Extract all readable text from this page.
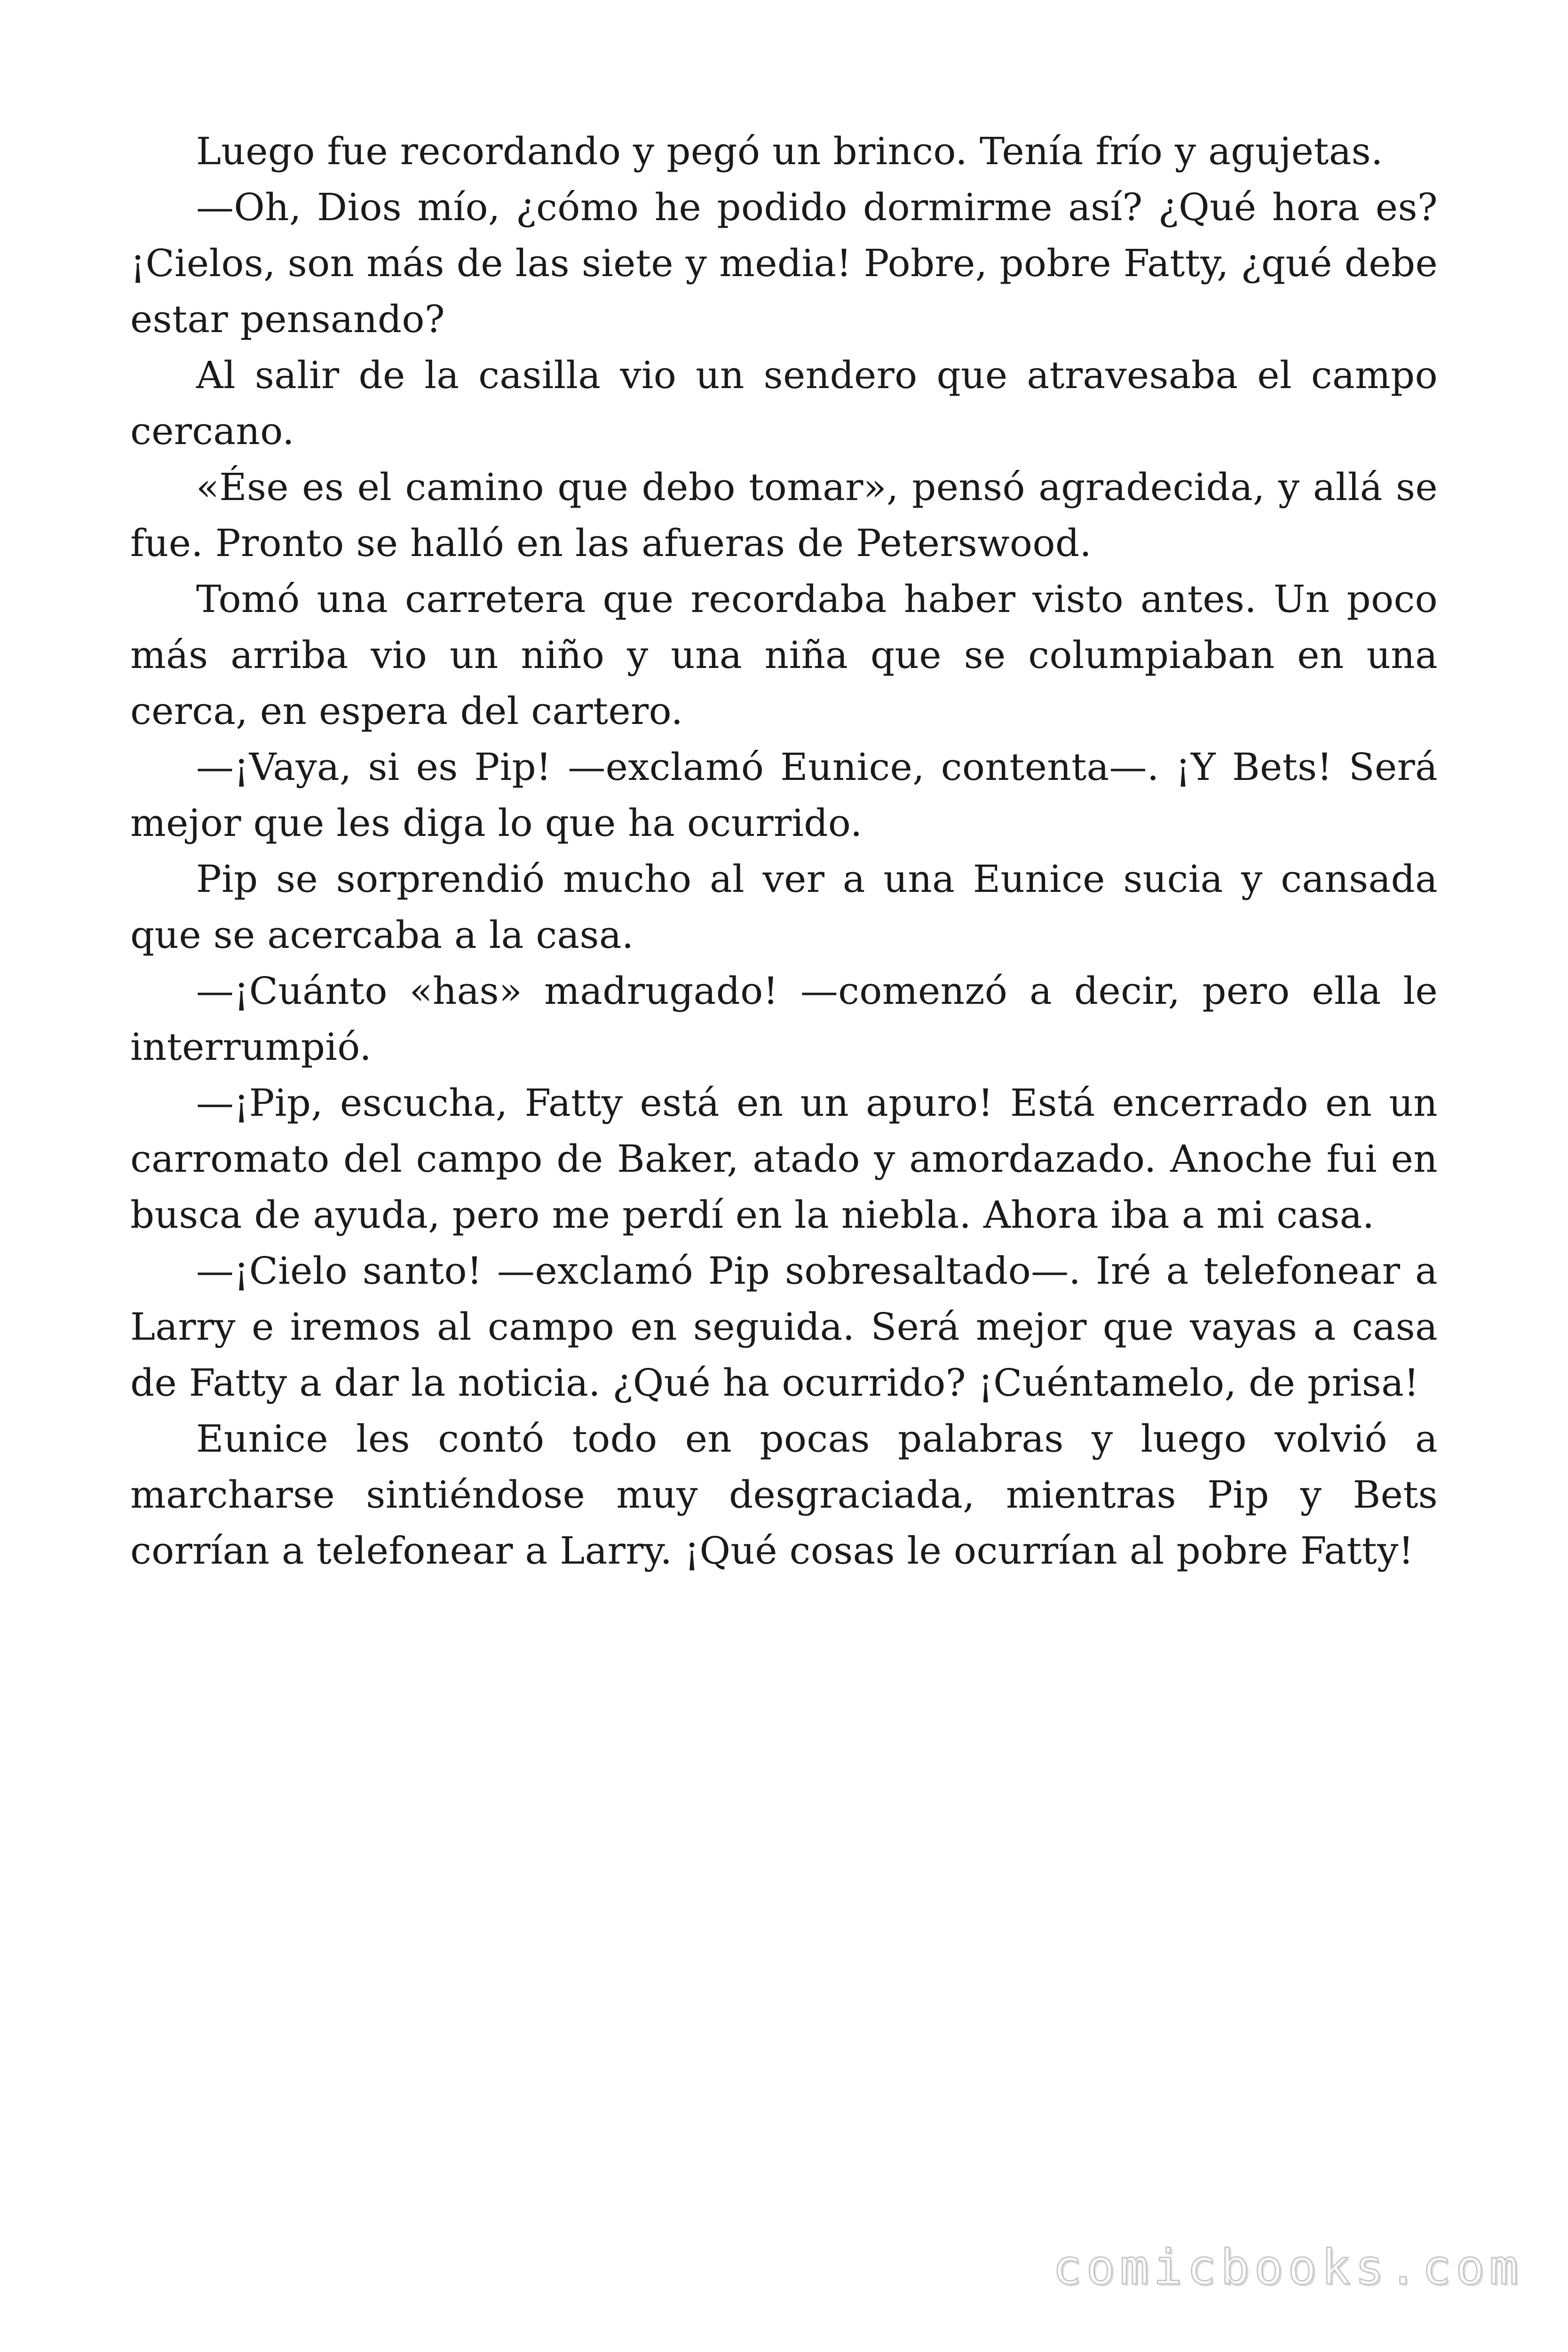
Luego fue recordando y pegó un brinco. Tenía frío y agujetas.

—Oh, Dios mío, ¿cómo he podido dormirme así? ¿Qué hora es? ¡Cielos, son más de las siete y media! Pobre, pobre Fatty, ¿qué debe estar pensando?

Al salir de la casilla vio un sendero que atravesaba el campo cercano.

«Ése es el camino que debo tomar», pensó agradecida, y allá se fue. Pronto se halló en las afueras de Peterswood.

Tomó una carretera que recordaba haber visto antes. Un poco más arriba vio un niño y una niña que se columpiaban en una cerca, en espera del cartero.

—¡Vaya, si es Pip! —exclamó Eunice, contenta—. ¡Y Bets! Será mejor que les diga lo que ha ocurrido.

Pip se sorprendió mucho al ver a una Eunice sucia y cansada que se acercaba a la casa.

—¡Cuánto «has» madrugado! —comenzó a decir, pero ella le interrumpió.

—¡Pip, escucha, Fatty está en un apuro! Está encerrado en un carromato del campo de Baker, atado y amordazado. Anoche fui en busca de ayuda, pero me perdí en la niebla. Ahora iba a mi casa.

—¡Cielo santo! —exclamó Pip sobresaltado—. Iré a telefonear a Larry e iremos al campo en seguida. Será mejor que vayas a casa de Fatty a dar la noticia. ¿Qué ha ocurrido? ¡Cuéntamelo, de prisa!

Eunice les contó todo en pocas palabras y luego volvió a marcharse sintiéndose muy desgraciada, mientras Pip y Bets corrían a telefonear a Larry. ¡Qué cosas le ocurrían al pobre Fatty!

comicbooks.com
